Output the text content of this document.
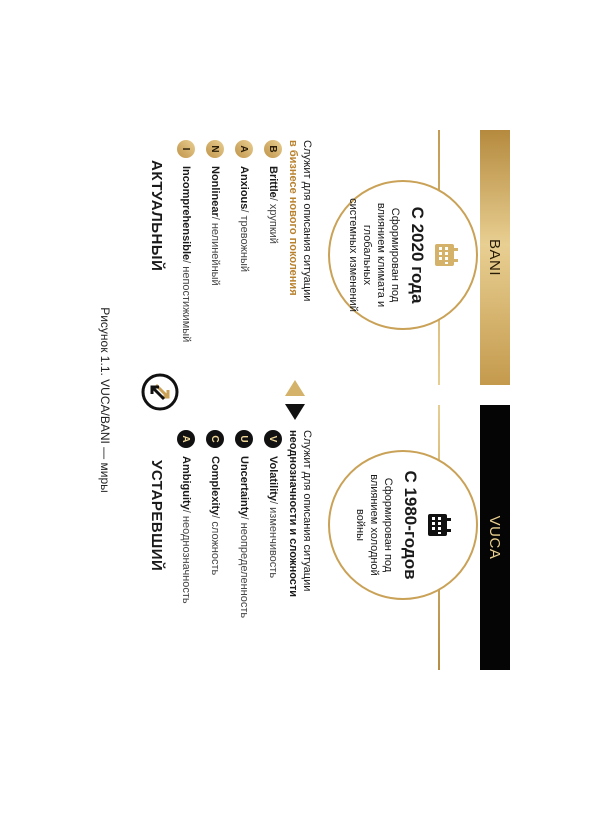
BANI
VUCA
С 2020 года
Сформирован под влиянием климата и глобальных системных изменений
С 1980-годов
Сформирован под влиянием холодной войны
Служит для описания ситуации
в бизнесе нового поколения
Служит для описания ситуации
неоднозначности и сложности
B
Brittle
/ хрупкий
A
Anxious
/ тревожный
N
Nonlinear
/ нелинейный
I
Incomprehensible
/ непостижимый
V
Volatility
/ изменчивость
U
Uncertainty
/ неопределенность
C
Complexity
/ сложность
A
Ambiguity
/ неоднозначность
АКТУАЛЬНЫЙ
УСТАРЕВШИЙ
Рисунок 1.1. VUCA/BANI — миры
